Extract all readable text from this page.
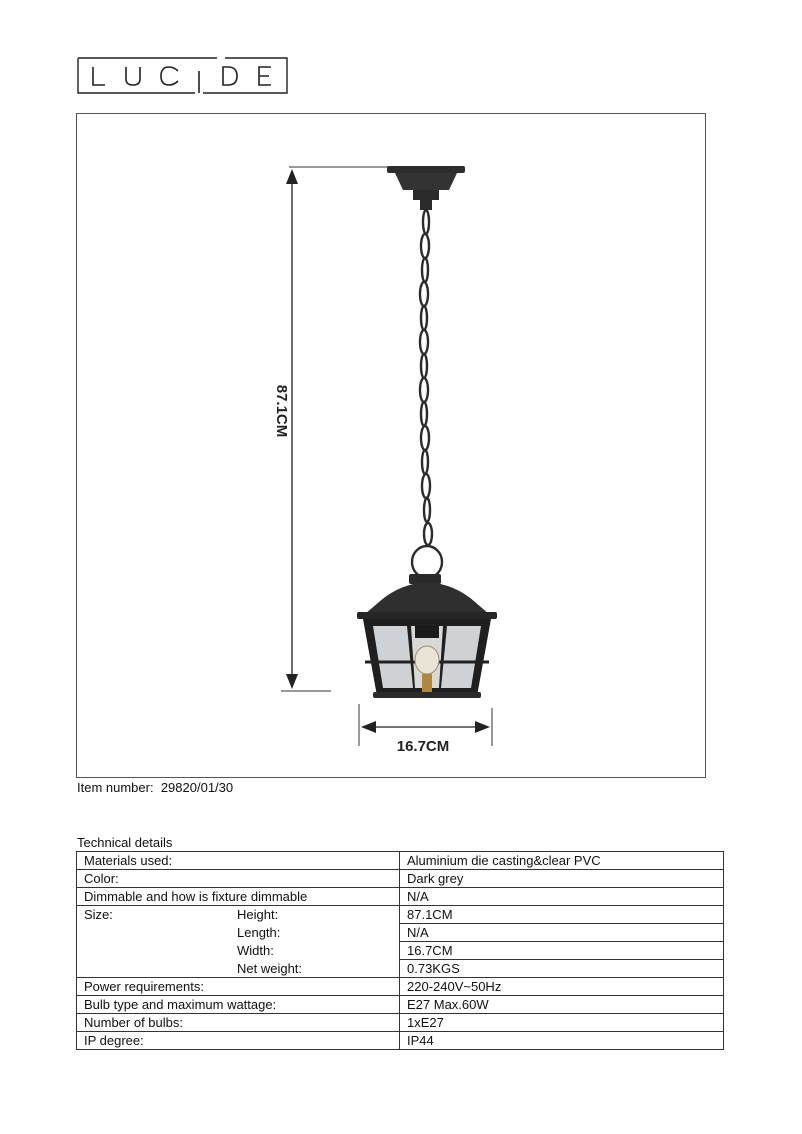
87.1CM
16.7CM
Item number: 29820/01/30
Technical details
Materials used:	Aluminium die casting&clear PVC
Color:	Dark grey
Dimmable and how is fixture dimmable	N/A
Size: Height:	87.1CM

Length:	N/A

Width:	16.7CM

Net weight:	0.73KGS
Power requirements:	220-240V~50Hz
Bulb type and maximum wattage:	E27 Max.60W
Number of bulbs:	1xE27
IP degree:	IP44
